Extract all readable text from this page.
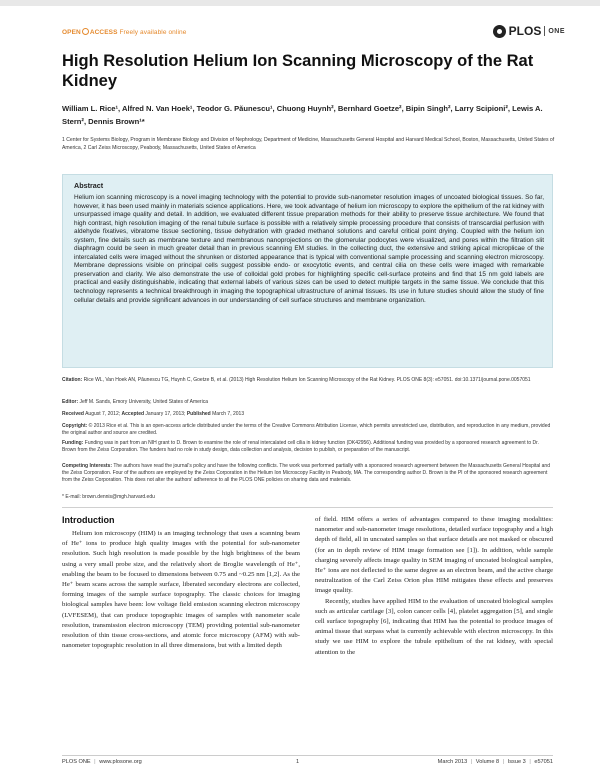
OPEN ACCESS Freely available online	PLOS ONE
High Resolution Helium Ion Scanning Microscopy of the Rat Kidney
William L. Rice¹, Alfred N. Van Hoek¹, Teodor G. Păunescu¹, Chuong Huynh², Bernhard Goetze², Bipin Singh², Larry Scipioni², Lewis A. Stern², Dennis Brown¹*
1 Center for Systems Biology, Program in Membrane Biology and Division of Nephrology, Department of Medicine, Massachusetts General Hospital and Harvard Medical School, Boston, Massachusetts, United States of America, 2 Carl Zeiss Microscopy, Peabody, Massachusetts, United States of America
Abstract
Helium ion scanning microscopy is a novel imaging technology with the potential to provide sub-nanometer resolution images of uncoated biological tissues. So far, however, it has been used mainly in materials science applications. Here, we took advantage of helium ion microscopy to explore the epithelium of the rat kidney with unsurpassed image quality and detail. In addition, we evaluated different tissue preparation methods for their ability to preserve tissue architecture. We found that high contrast, high resolution imaging of the renal tubule surface is possible with a relatively simple processing procedure that consists of transcardial perfusion with aldehyde fixatives, vibratome tissue sectioning, tissue dehydration with graded methanol solutions and careful critical point drying. Coupled with the helium ion system, fine details such as membrane texture and membranous nanoprojections on the glomerular podocytes were visualized, and pores within the filtration slit diaphragm could be seen in much greater detail than in previous scanning EM studies. In the collecting duct, the extensive and striking apical microplicae of the intercalated cells were imaged without the shrunken or distorted appearance that is typical with conventional sample processing and scanning electron microscopy. Membrane depressions visible on principal cells suggest possible endo- or exocytotic events, and central cilia on these cells were imaged with remarkable preservation and clarity. We also demonstrate the use of colloidal gold probes for highlighting specific cell-surface proteins and find that 15 nm gold labels are practical and easily distinguishable, indicating that external labels of various sizes can be used to detect multiple targets in the same tissue. We conclude that this technology represents a technical breakthrough in imaging the topographical ultrastructure of animal tissues. Its use in future studies should allow the study of fine cellular details and provide significant advances in our understanding of cell surface structures and membrane organization.
Citation: Rice WL, Van Hoek AN, Păunescu TG, Huynh C, Goetze B, et al. (2013) High Resolution Helium Ion Scanning Microscopy of the Rat Kidney. PLOS ONE 8(3): e57051. doi:10.1371/journal.pone.0057051
Editor: Jeff M. Sands, Emory University, United States of America
Received August 7, 2012; Accepted January 17, 2013; Published March 7, 2013
Copyright: © 2013 Rice et al. This is an open-access article distributed under the terms of the Creative Commons Attribution License, which permits unrestricted use, distribution, and reproduction in any medium, provided the original author and source are credited.
Funding: Funding was in part from an NIH grant to D. Brown to examine the role of renal intercalated cell cilia in kidney function (DK42956). Additional funding was provided by a sponsored research agreement to Dr. Brown from the Zeiss Corporation. The funders had no role in study design, data collection and analysis, decision to publish, or preparation of the manuscript.
Competing Interests: The authors have read the journal's policy and have the following conflicts. The work was performed partially with a sponsored research agreement between the Massachusetts General Hospital and the Zeiss Corporation. Four of the authors are employed by the Zeiss Corporation in the Helium Ion Microscopy Facility in Peabody, MA. The corresponding author D. Brown is the PI of the sponsored research agreement from the Zeiss Corporation. This does not alter the authors' adherence to all the PLOS ONE policies on sharing data and materials.
* E-mail: brown.dennis@mgh.harvard.edu
Introduction

Helium ion microscopy (HIM) is an imaging technology that uses a scanning beam of He⁺ ions to produce high quality images with the potential for sub-nanometer resolution. Such high resolution is made possible by the high brightness of the beam using a very small probe size, and the relatively short de Broglie wavelength of He⁺, enabling the beam to be focused to dimensions between 0.75 and ~0.25 nm [1,2]. As the He⁺ beam scans across the sample surface, liberated secondary electrons are collected, forming images of the sample surface topography. The classic choices for imaging biological samples have been: low voltage field emission scanning electron microscopy (LVFESEM), that can produce topographic images of samples with nanometer scale resolution, transmission electron microscopy (TEM) providing potential sub-nanometer resolution of thin tissue cross-sections, and atomic force microscopy (AFM) with sub-nanometer topographic resolution in all three dimensions, but with a limited depth

of field. HIM offers a series of advantages compared to these imaging modalities: nanometer and sub-nanometer image resolutions, detailed surface topography and a high depth of field, all in uncoated samples so that surface details are not masked or obscured (for an in depth review of HIM image formation see [1]). In addition, while sample charging severely affects image quality in SEM imaging of uncoated biological samples, He⁺ ions are not deflected to the same degree as an electron beam, and the active charge neutralization of the Carl Zeiss Orion plus HIM mitigates these effects and preserves image quality.

Recently, studies have applied HIM to the evaluation of uncoated biological samples such as articular cartilage [3], colon cancer cells [4], platelet aggregation [5], and single cell surface topography [6], indicating that HIM has the potential to produce images of animal tissue that surpass what is currently achievable with electron microscopy. In this study we use HIM to explore the tubule epithelium of the rat kidney, with special attention to the

PLOS ONE | www.plosone.org	1	March 2013 | Volume 8 | Issue 3 | e57051
